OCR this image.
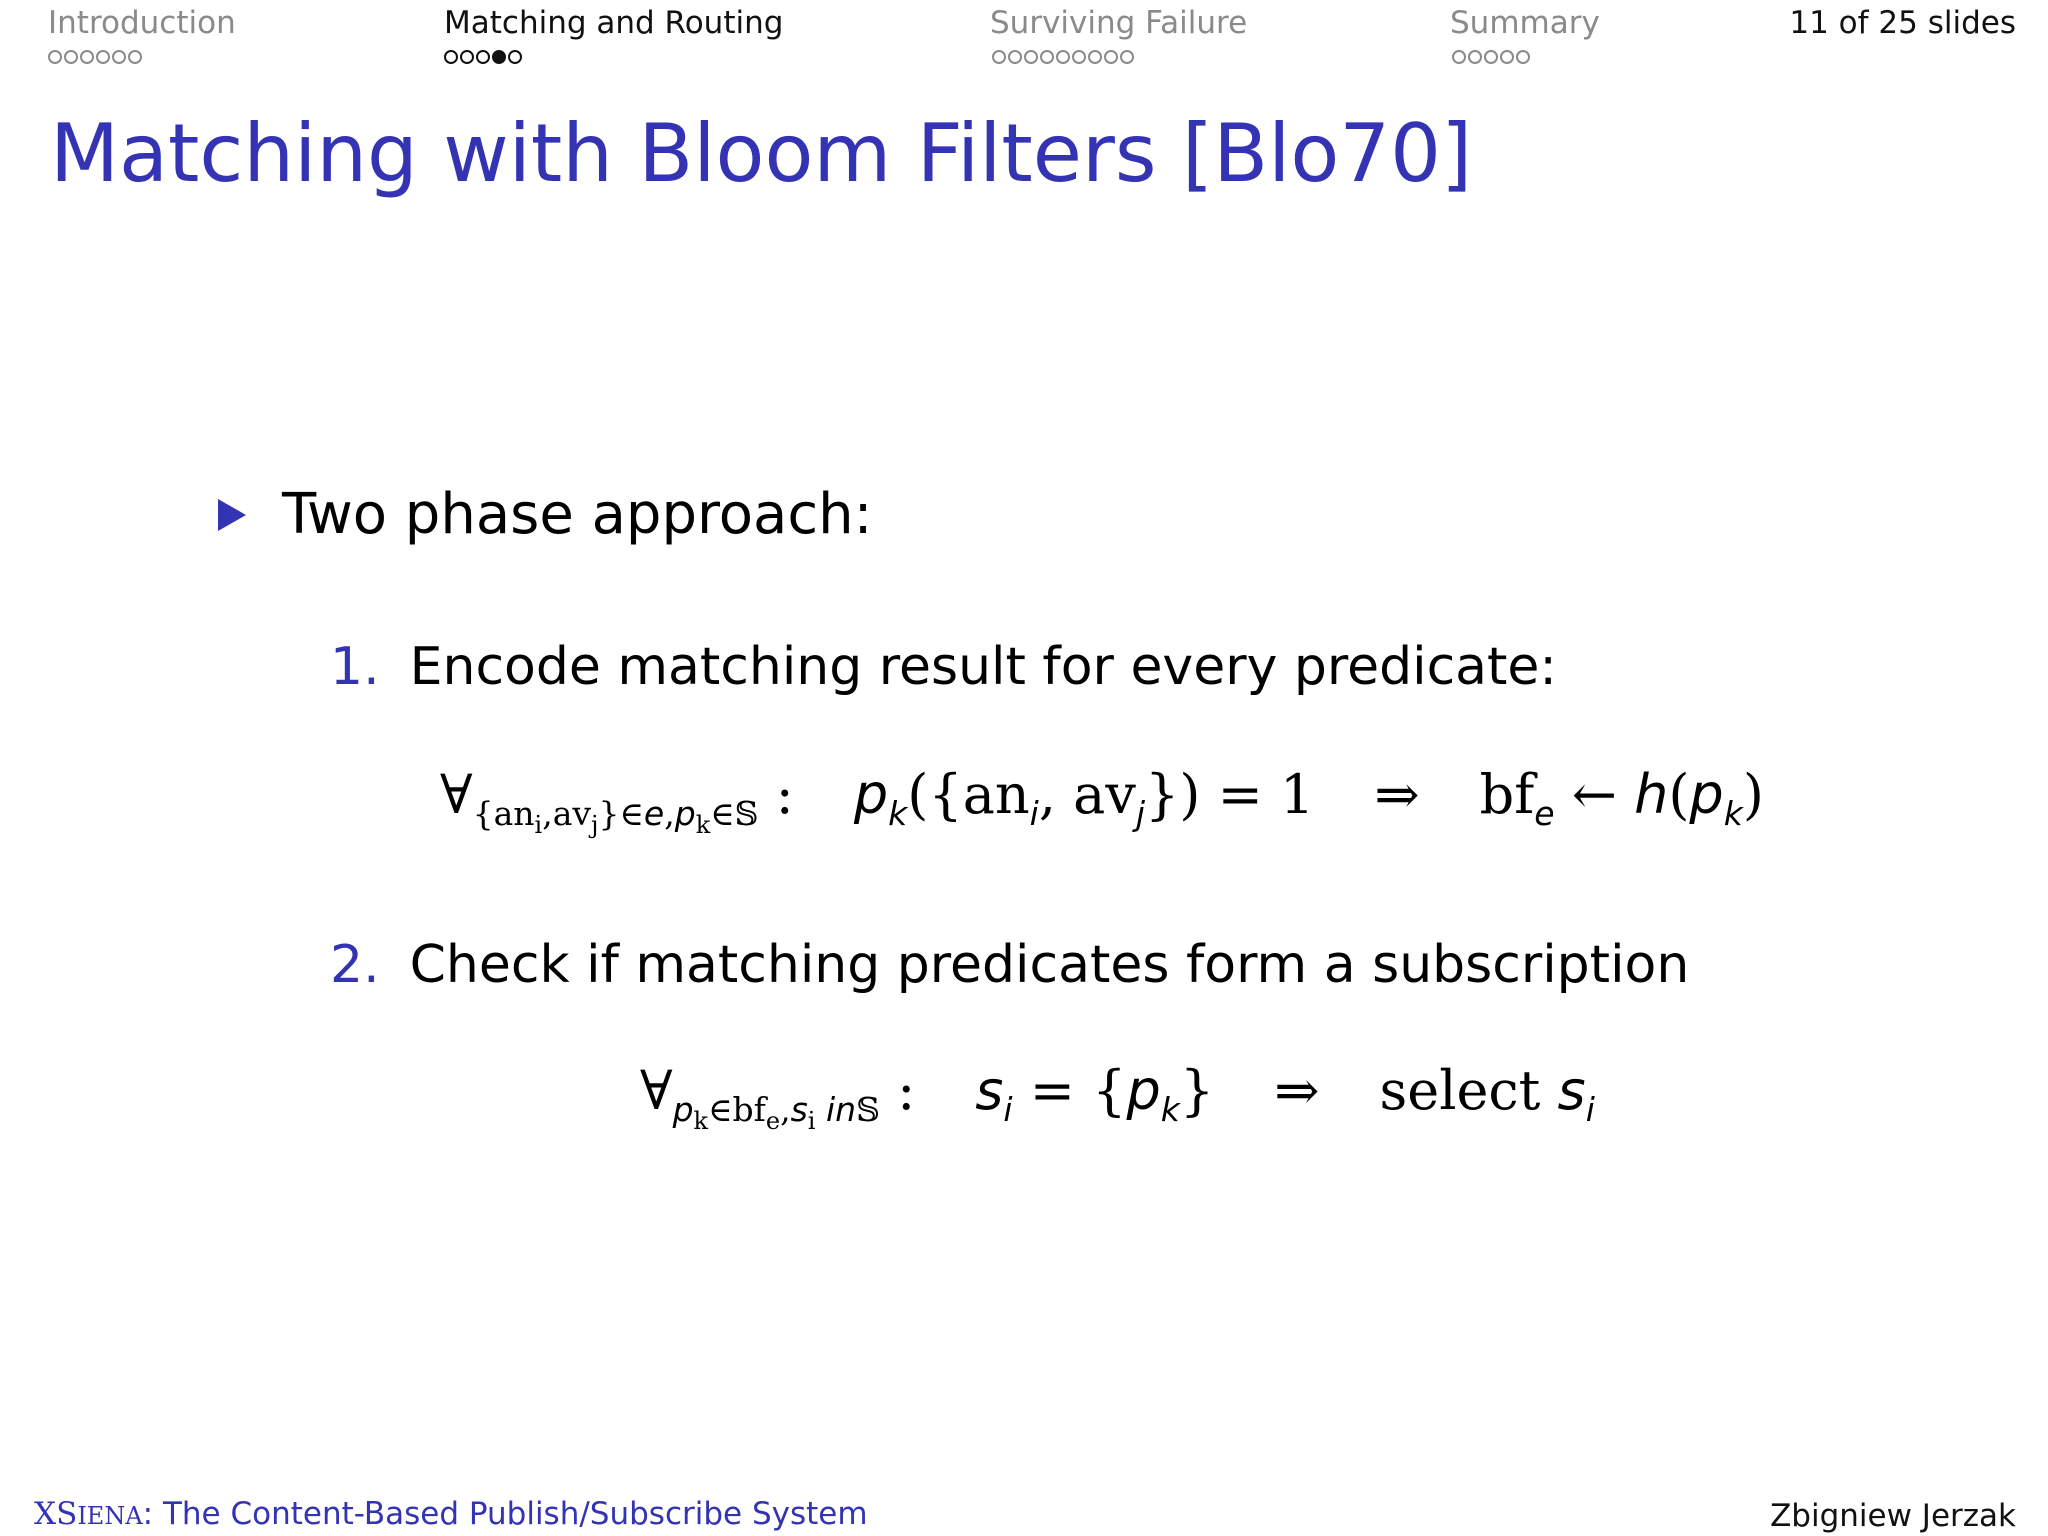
Introduction	Matching and Routing	Surviving Failure	Summary	11 of 25 slides
Matching with Bloom Filters [Blo70]
Two phase approach:
1. Encode matching result for every predicate:
$\forall_{\{an_i,av_j\}\in e,p_k\in 𝕊}$ : $p_k(\{an_i$, $av_j\}) = 1$ ⇒ $bf_e$ ← $h(p_k)$
2. Check if matching predicates form a subscription
$\forall_{p_k\in bf_e,s_i in𝕊}$ : $s_i = \{p_k\}$ ⇒ select $s_i$
XSIENA: The Content-Based Publish/Subscribe System	Zbigniew Jerzak
